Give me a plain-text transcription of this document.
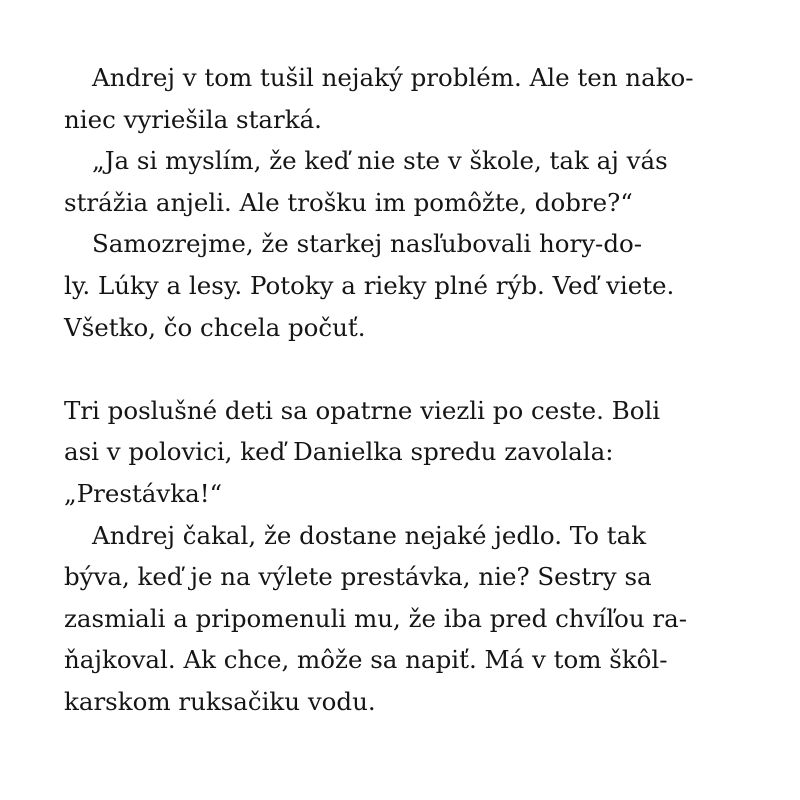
Andrej v tom tušil nejaký problém. Ale ten nako-
niec vyriešila starká.
„Ja si myslím, že keď nie ste v škole, tak aj vás
strážia anjeli. Ale trošku im pomôžte, dobre?“
Samozrejme, že starkej nasľubovali hory-do-
ly. Lúky a lesy. Potoky a rieky plné rýb. Veď viete.
Všetko, čo chcela počuť.
Tri poslušné deti sa opatrne viezli po ceste. Boli
asi v polovici, keď Danielka spredu zavolala:
„Prestávka!“
Andrej čakal, že dostane nejaké jedlo. To tak
býva, keď je na výlete prestávka, nie? Sestry sa
zasmiali a pripomenuli mu, že iba pred chvíľou ra-
ňajkoval. Ak chce, môže sa napiť. Má v tom škôl-
karskom ruksačiku vodu.
